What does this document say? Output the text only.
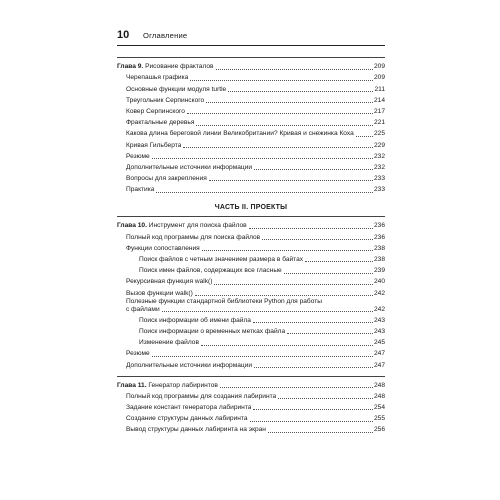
10	Оглавление
Глава 9. Рисование фракталов	209
Черепашья графика	209
Основные функции модуля turtle	211
Треугольник Серпинского	214
Ковер Серпинского	217
Фрактальные деревья	221
Какова длина береговой линии Великобритании? Кривая и снежинка Коха	225
Кривая Гильберта	229
Резюме	232
Дополнительные источники информации	232
Вопросы для закрепления	233
Практика	233
ЧАСТЬ II. ПРОЕКТЫ
Глава 10. Инструмент для поиска файлов	236
Полный код программы для поиска файлов	236
Функции сопоставления	238
Поиск файлов с четным значением размера в байтах	238
Поиск имен файлов, содержащих все гласные	239
Рекурсивная функция walk()	240
Вызов функции walk()	242
Полезные функции стандартной библиотеки Python для работы
с файлами	242
Поиск информации об имени файла	243
Поиск информации о временных метках файла	243
Изменение файлов	245
Резюме	247
Дополнительные источники информации	247
Глава 11. Генератор лабиринтов	248
Полный код программы для создания лабиринта	248
Задание констант генератора лабиринта	254
Создание структуры данных лабиринта	255
Вывод структуры данных лабиринта на экран	256
